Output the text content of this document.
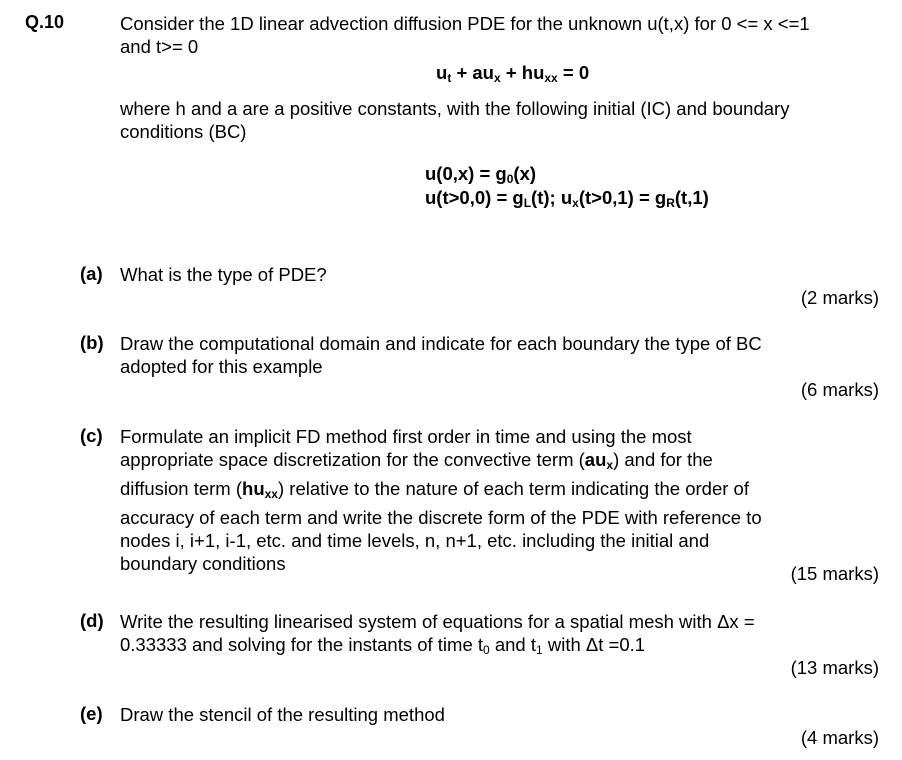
Q.10	Consider the 1D linear advection diffusion PDE for the unknown u(t,x) for 0 <= x <=1
and t>= 0
$u_t + au_x + hu_{xx} = 0$
where h and a are a positive constants, with the following initial (IC) and boundary
conditions (BC)
$u(0,x) = g_0(x)$
$u(t>0,0) = g_L(t)$; $u_x(t>0,1) = g_R(t,1)$
(a) What is the type of PDE?
(2 marks)
(b) Draw the computational domain and indicate for each boundary the type of BC
adopted for this example
(6 marks)
(c) Formulate an implicit FD method first order in time and using the most
appropriate space discretization for the convective term $(au_x)$ and for the
diffusion term $(hu_{xx})$ relative to the nature of each term indicating the order of
accuracy of each term and write the discrete form of the PDE with reference to
nodes i, i+1, i-1, etc. and time levels, n, n+1, etc. including the initial and
boundary conditions	(15 marks)
(d) Write the resulting linearised system of equations for a spatial mesh with Δx =
0.33333 and solving for the instants of time $t_0$ and $t_1$ with Δt =0.1
(13 marks)
(e) Draw the stencil of the resulting method
(4 marks)
